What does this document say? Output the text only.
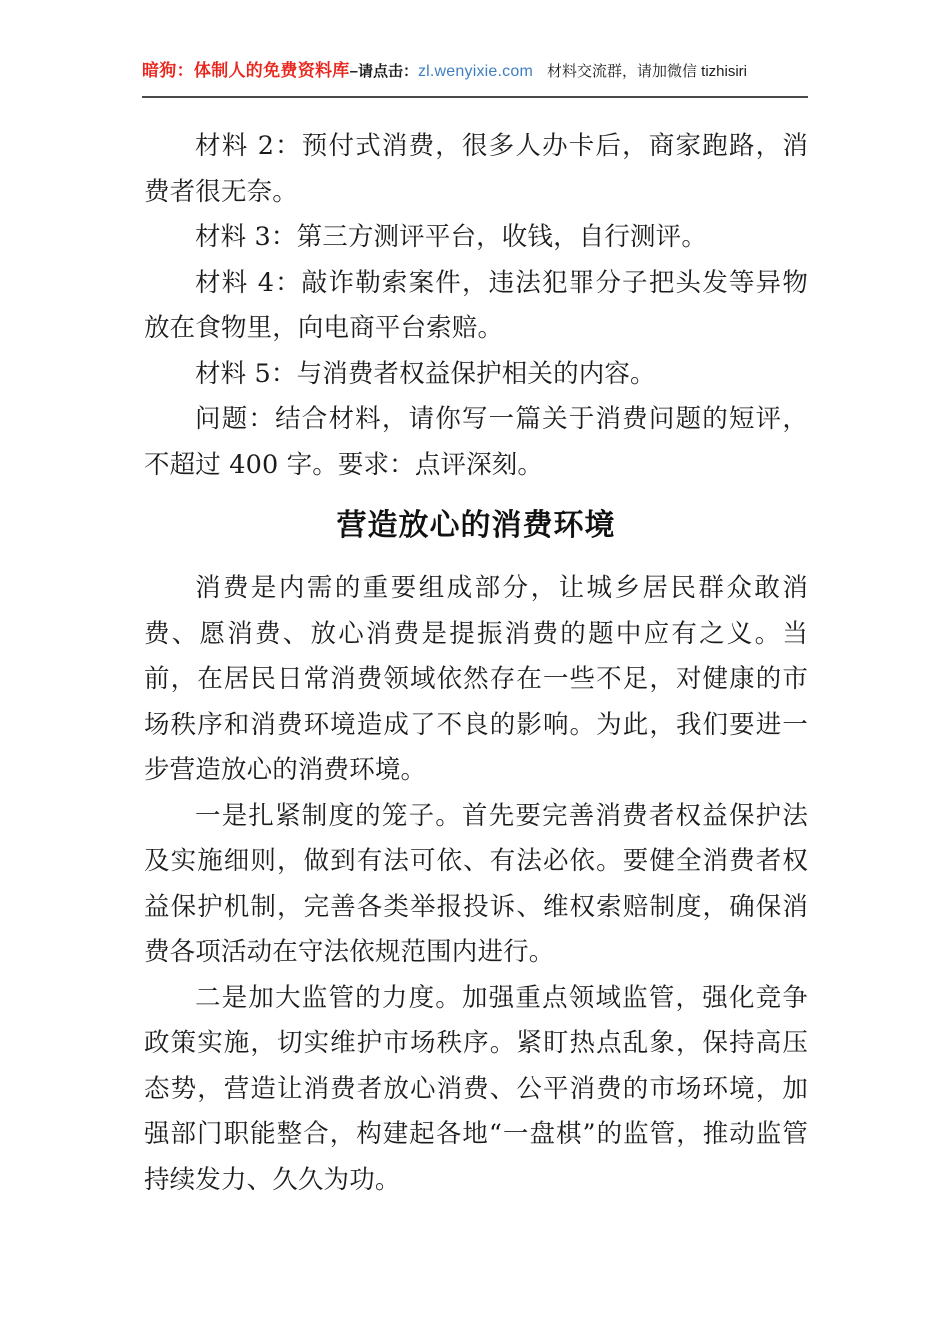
暗狗：体制人的免费资料库–请点击：zl.wenyixie.com 材料交流群，请加微信 tizhisiri

材料 2：预付式消费，很多人办卡后，商家跑路，消费者很无奈。

材料 3：第三方测评平台，收钱，自行测评。

材料 4：敲诈勒索案件，违法犯罪分子把头发等异物放在食物里，向电商平台索赔。

材料 5：与消费者权益保护相关的内容。

问题：结合材料，请你写一篇关于消费问题的短评，不超过 400 字。要求：点评深刻。

营造放心的消费环境

消费是内需的重要组成部分，让城乡居民群众敢消费、愿消费、放心消费是提振消费的题中应有之义。当前，在居民日常消费领域依然存在一些不足，对健康的市场秩序和消费环境造成了不良的影响。为此，我们要进一步营造放心的消费环境。

一是扎紧制度的笼子。首先要完善消费者权益保护法及实施细则，做到有法可依、有法必依。要健全消费者权益保护机制，完善各类举报投诉、维权索赔制度，确保消费各项活动在守法依规范围内进行。

二是加大监管的力度。加强重点领域监管，强化竞争政策实施，切实维护市场秩序。紧盯热点乱象，保持高压态势，营造让消费者放心消费、公平消费的市场环境，加强部门职能整合，构建起各地“一盘棋”的监管，推动监管持续发力、久久为功。
